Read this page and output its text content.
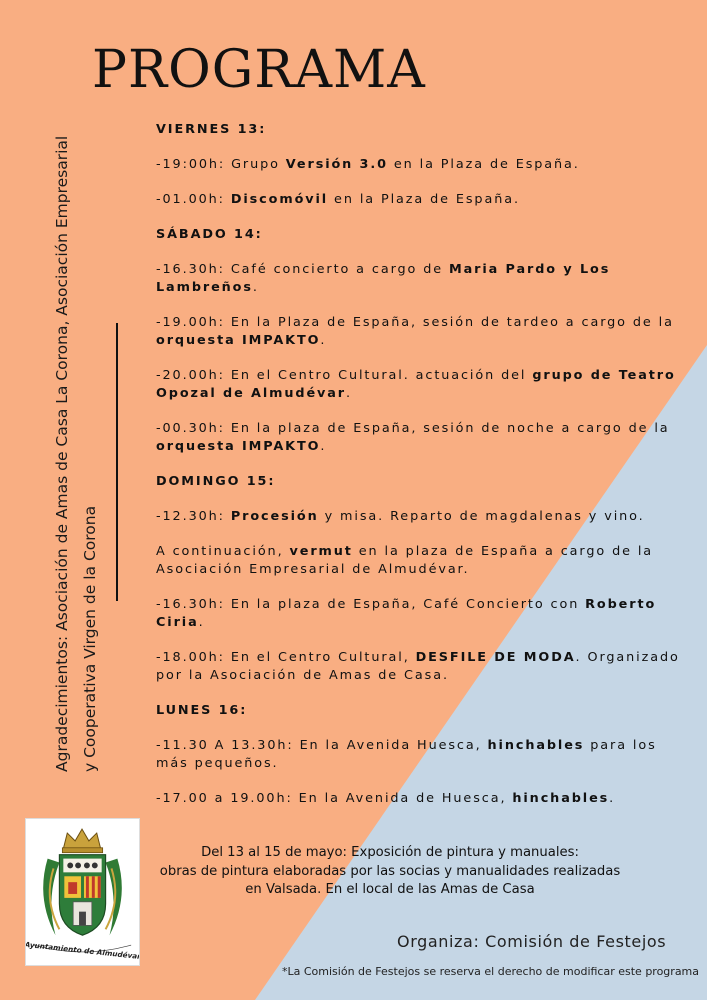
PROGRAMA
Agradecimientos: Asociación de Amas de Casa La Corona, Asociación Empresarial y Cooperativa Virgen de la Corona
VIERNES 13:
-19:00h: Grupo Versión 3.0 en la Plaza de España.
-01.00h: Discomóvil en la Plaza de España.
SÁBADO 14:
-16.30h: Café concierto a cargo de Maria Pardo y Los Lambreños.
-19.00h: En la Plaza de España, sesión de tardeo a cargo de la orquesta IMPAKTO.
-20.00h: En el Centro Cultural. actuación del grupo de Teatro Opozal de Almudévar.
-00.30h: En la plaza de España, sesión de noche a cargo de la orquesta IMPAKTO.
DOMINGO 15:
-12.30h: Procesión y misa. Reparto de magdalenas y vino.
A continuación, vermut en la plaza de España a cargo de la Asociación Empresarial de Almudévar.
-16.30h: En la plaza de España, Café Concierto con Roberto Ciria.
-18.00h: En el Centro Cultural, DESFILE DE MODA. Organizado por la Asociación de Amas de Casa.
LUNES 16:
-11.30 A 13.30h: En la Avenida Huesca, hinchables para los más pequeños.
-17.00 a 19.00h: En la Avenida de Huesca, hinchables.
Ayuntamiento de Almudévar
Del 13 al 15 de mayo: Exposición de pintura y manuales:
obras de pintura elaboradas por las socias y manualidades realizadas
en Valsada. En el local de las Amas de Casa
Organiza: Comisión de Festejos
*La Comisión de Festejos se reserva el derecho de modificar este programa
